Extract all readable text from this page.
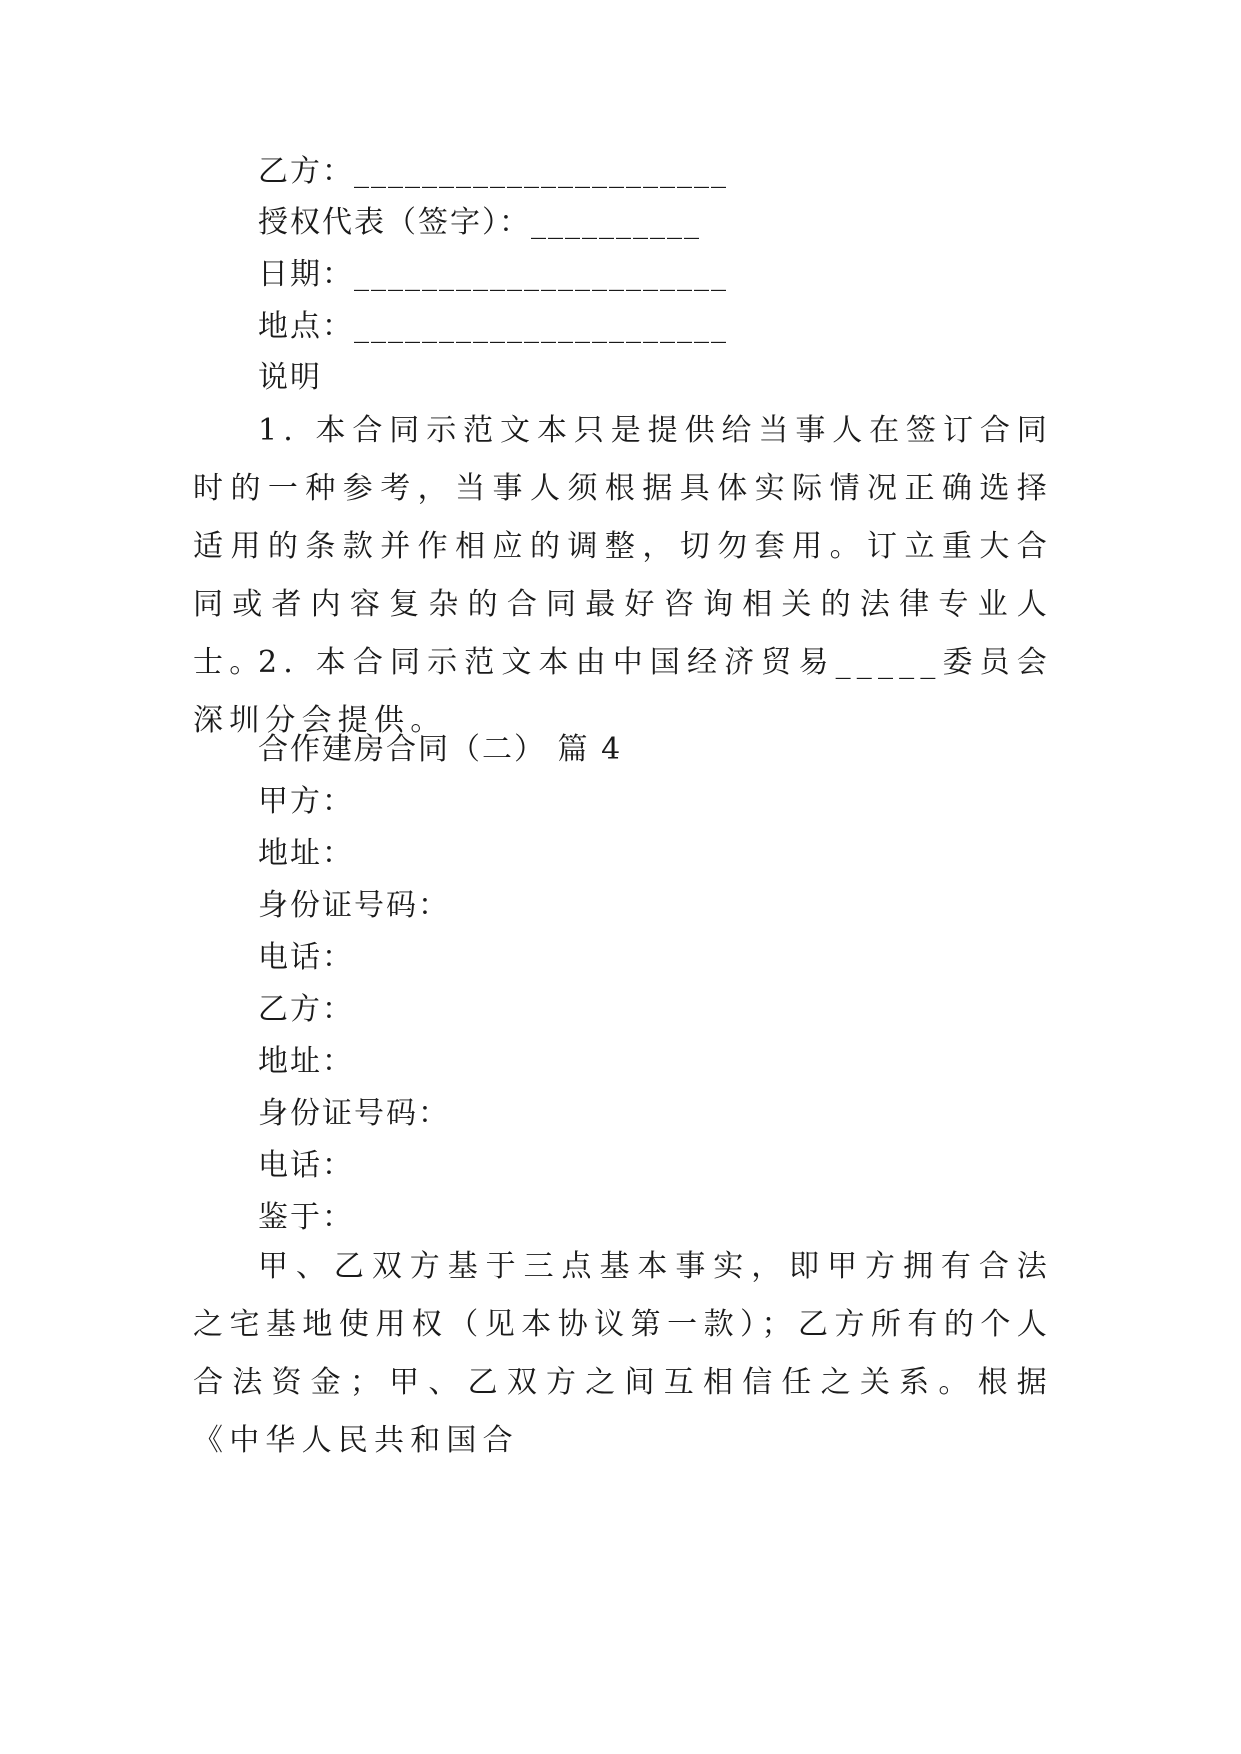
乙方：______________________
授权代表（签字）：__________
日期：______________________
地点：______________________
说明
1. 本合同示范文本只是提供给当事人在签订合同时的一种参考，当事人须根据具体实际情况正确选择适用的条款并作相应的调整，切勿套用。订立重大合同或者内容复杂的合同最好咨询相关的法律专业人士。
2. 本合同示范文本由中国经济贸易_____委员会深圳分会提供。
合作建房合同（二） 篇 4
甲方：
地址：
身份证号码：
电话：
乙方：
地址：
身份证号码：
电话：
鉴于：
甲、乙双方基于三点基本事实，即甲方拥有合法之宅基地使用权（见本协议第一款）；乙方所有的个人合法资金；甲、乙双方之间互相信任之关系。根据《中华人民共和国合
